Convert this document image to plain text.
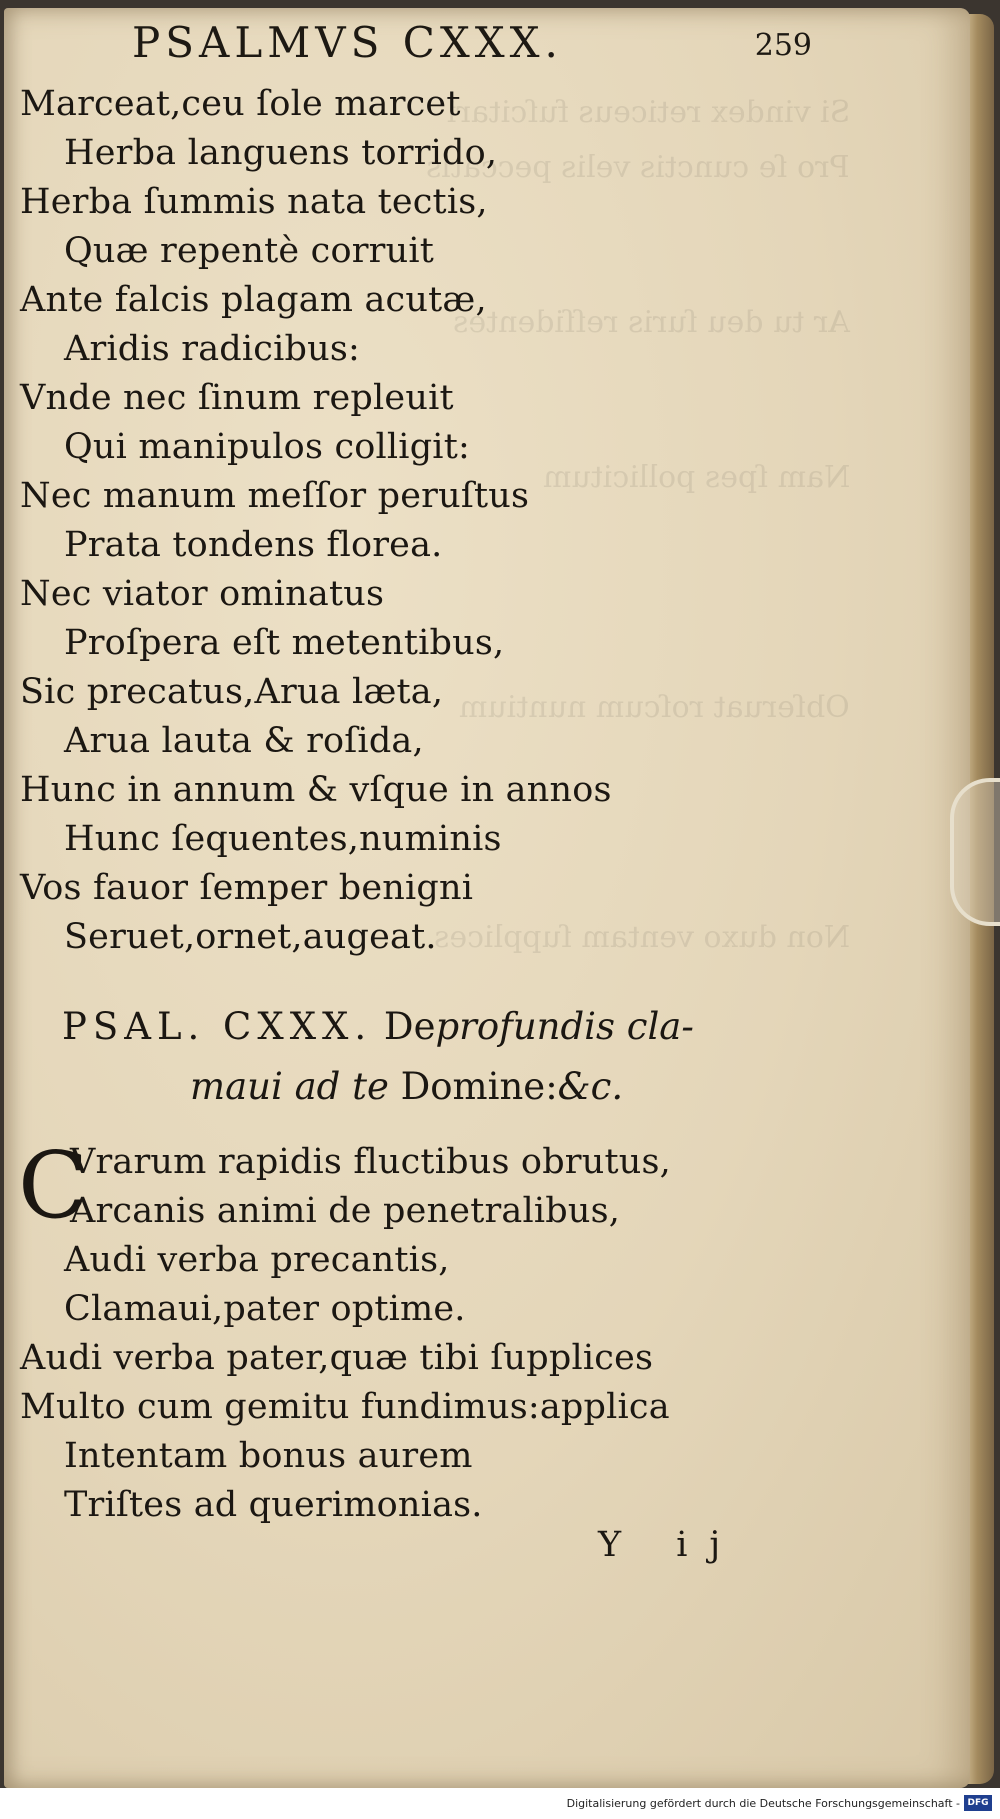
PSALMVS CXXX.	259
Marceat,ceu ſole marcet
Herba languens torrido,
Herba ſummis nata tectis,
Quæ repentè corruit
Ante falcis plagam acutæ,
Aridis radicibus:
Vnde nec ſinum repleuit
Qui manipulos colligit:
Nec manum meſſor peruſtus
Prata tondens florea.
Nec viator ominatus
Proſpera eſt metentibus,
Sic precatus,Arua læta,
Arua lauta & roſida,
Hunc in annum & vſque in annos
Hunc ſequentes,numinis
Vos fauor ſemper benigni
Seruet,ornet,augeat.
PSAL. CXXX. Deprofundis cla-
maui ad te Domine:&c.
C
Vrarum rapidis fluctibus obrutus,
Arcanis animi de penetralibus,
Audi verba precantis,
Clamaui,pater optime.
Audi verba pater,quæ tibi ſupplices
Multo cum gemitu fundimus:applica
Intentam bonus aurem
Triſtes ad querimonias.
Y ij
Digitalisierung gefördert durch die Deutsche Forschungsgemeinschaft - DFG
